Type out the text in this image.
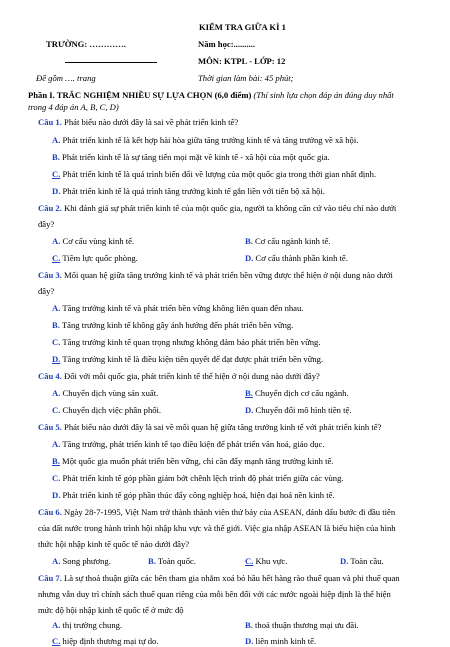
KIỂM TRA GIỮA KÌ 1
TRƯỜNG: ………….	Năm học:..........
MÔN: KTPL - LỚP: 12
Đề gồm …. trang	Thời gian làm bài: 45 phút;
Phần I. TRẮC NGHIỆM NHIỀU SỰ LỰA CHỌN (6,0 điểm) (Thí sinh lựa chọn đáp án đúng duy nhất
trong 4 đáp án A, B, C, D)
Câu 1. Phát biểu nào dưới đây là sai về phát triển kinh tế?
A. Phát triển kinh tế là kết hợp hài hòa giữa tăng trưởng kinh tế và tăng trưởng về xã hội.
B. Phát triển kinh tế là sự tăng tiến mọi mặt về kinh tế - xã hội của một quốc gia.
C. Phát triển kinh tế là quá trình biến đổi về lượng của một quốc gia trong thời gian nhất định.
D. Phát triển kinh tế là quá trình tăng trưởng kinh tế gắn liền với tiến bộ xã hội.
Câu 2. Khi đánh giá sự phát triển kinh tế của một quốc gia, người ta không căn cứ vào tiêu chí nào dưới
đây?
A. Cơ cấu vùng kinh tế.	B. Cơ cấu ngành kinh tế.
C. Tiềm lực quốc phòng.	D. Cơ cấu thành phần kinh tế.
Câu 3. Mối quan hệ giữa tăng trưởng kinh tế và phát triển bền vững được thể hiện ở nội dung nào dưới
đây?
A. Tăng trưởng kinh tế và phát triển bền vững không liên quan đến nhau.
B. Tăng trưởng kinh tế không gây ảnh hưởng đến phát triển bền vững.
C. Tăng trưởng kinh tế quan trọng nhưng không đảm bảo phát triển bền vững.
D. Tăng trưởng kinh tế là điều kiện tiên quyết để đạt được phát triển bền vững.
Câu 4. Đối với mỗi quốc gia, phát triển kinh tế thể hiện ở nội dung nào dưới đây?
A. Chuyển dịch vùng sản xuất.	B. Chuyển dịch cơ cấu ngành.
C. Chuyển dịch việc phân phối.	D. Chuyển đổi mô hình tiền tệ.
Câu 5. Phát biểu nào dưới đây là sai về mối quan hệ giữa tăng trưởng kinh tế với phát triển kinh tế?
A. Tăng trưởng, phát triển kinh tế tạo điều kiện để phát triển văn hoá, giáo dục.
B. Một quốc gia muốn phát triển bền vững, chỉ cần đẩy mạnh tăng trưởng kinh tế.
C. Phát triển kinh tế góp phần giảm bớt chênh lệch trình độ phát triển giữa các vùng.
D. Phát triển kinh tế góp phần thúc đẩy công nghiệp hoá, hiện đại hoá nền kinh tế.
Câu 6. Ngày 28-7-1995, Việt Nam trở thành thành viên thứ bảy của ASEAN, đánh dấu bước đi đầu tiên
của đất nước trong hành trình hội nhập khu vực và thế giới. Việc gia nhập ASEAN là biểu hiện của hình
thức hội nhập kinh tế quốc tế nào dưới đây?
A. Song phương.	B. Toàn quốc.	C. Khu vực.	D. Toàn cầu.
Câu 7. Là sự thoả thuận giữa các bên tham gia nhằm xoá bỏ hầu hết hàng rào thuế quan và phi thuế quan
nhưng vẫn duy trì chính sách thuế quan riêng của mỗi bên đối với các nước ngoài hiệp định là thể hiện
mức độ hội nhập kinh tế quốc tế ở mức độ
A. thị trường chung.	B. thoả thuận thương mại ưu đãi.
C. hiệp định thương mại tự do.	D. liên minh kinh tế.
